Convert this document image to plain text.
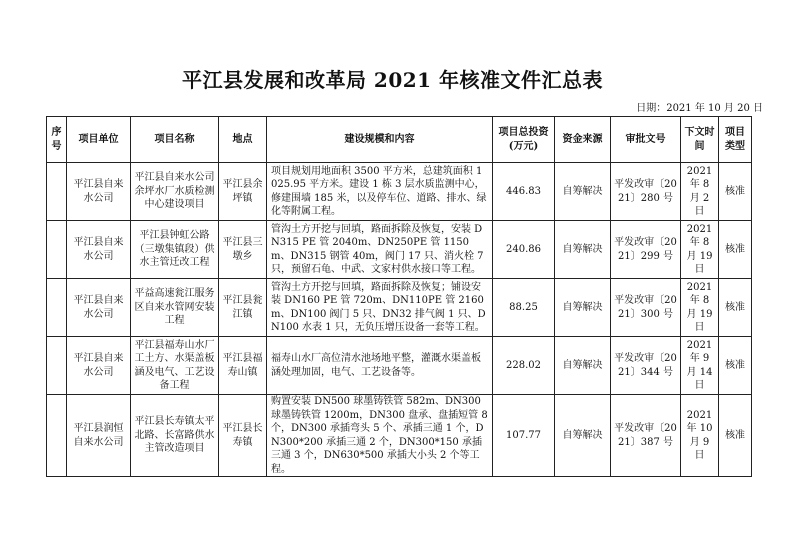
平江县发展和改革局 2021 年核准文件汇总表
日期：2021 年 10 月 20 日
序号	项目单位	项目名称	地点	建设规模和内容	项目总投资(万元)	资金来源	审批文号	下文时间	项目类型
	平江县自来水公司	平江县自来水公司余坪水厂水质检测中心建设项目	平江县余坪镇	项目规划用地面积 3500 平方米，总建筑面积 1025.95 平方米。建设 1 栋 3 层水质监测中心，修建围墙 185 米，以及停车位、道路、排水、绿化等附属工程。	446.83	自筹解决	平发改审〔2021〕280 号	2021 年 8 月 2 日	核准
	平江县自来水公司	平江县钟虹公路（三墩集镇段）供水主管迁改工程	平江县三墩乡	管沟土方开挖与回填，路面拆除及恢复，安装 DN315 PE 管 2040m、DN250PE 管 1150m、DN315 钢管 40m，阀门 17 只、消火栓 7 只，预留石龟、中武、文家村供水接口等工程。	240.86	自筹解决	平发改审〔2021〕299 号	2021 年 8 月 19 日	核准
	平江县自来水公司	平益高速瓮江服务区自来水管网安装工程	平江县瓮江镇	管沟土方开挖与回填，路面拆除及恢复；铺设安装 DN160 PE 管 720m、DN110PE 管 2160m、DN100 阀门 5 只、DN32 排气阀 1 只、DN100 水表 1 只，无负压增压设备一套等工程。	88.25	自筹解决	平发改审〔2021〕300 号	2021 年 8 月 19 日	核准
	平江县自来水公司	平江县福寿山水厂工土方、水渠盖板涵及电气、工艺设备工程	平江县福寿山镇	福寿山水厂高位清水池场地平整，灌溉水渠盖板涵处理加固，电气、工艺设备等。	228.02	自筹解决	平发改审〔2021〕344 号	2021 年 9 月 14 日	核准
	平江县润恒自来水公司	平江县长寿镇太平北路、长富路供水主管改造项目	平江县长寿镇	购置安装 DN500 球墨铸铁管 582m、DN300 球墨铸铁管 1200m，DN300 盘承、盘插短管 8 个，DN300 承插弯头 5 个、承插三通 1 个，DN300*200 承插三通 2 个，DN300*150 承插三通 3 个，DN630*500 承插大小头 2 个等工程。	107.77	自筹解决	平发改审〔2021〕387 号	2021 年 10 月 9 日	核准
